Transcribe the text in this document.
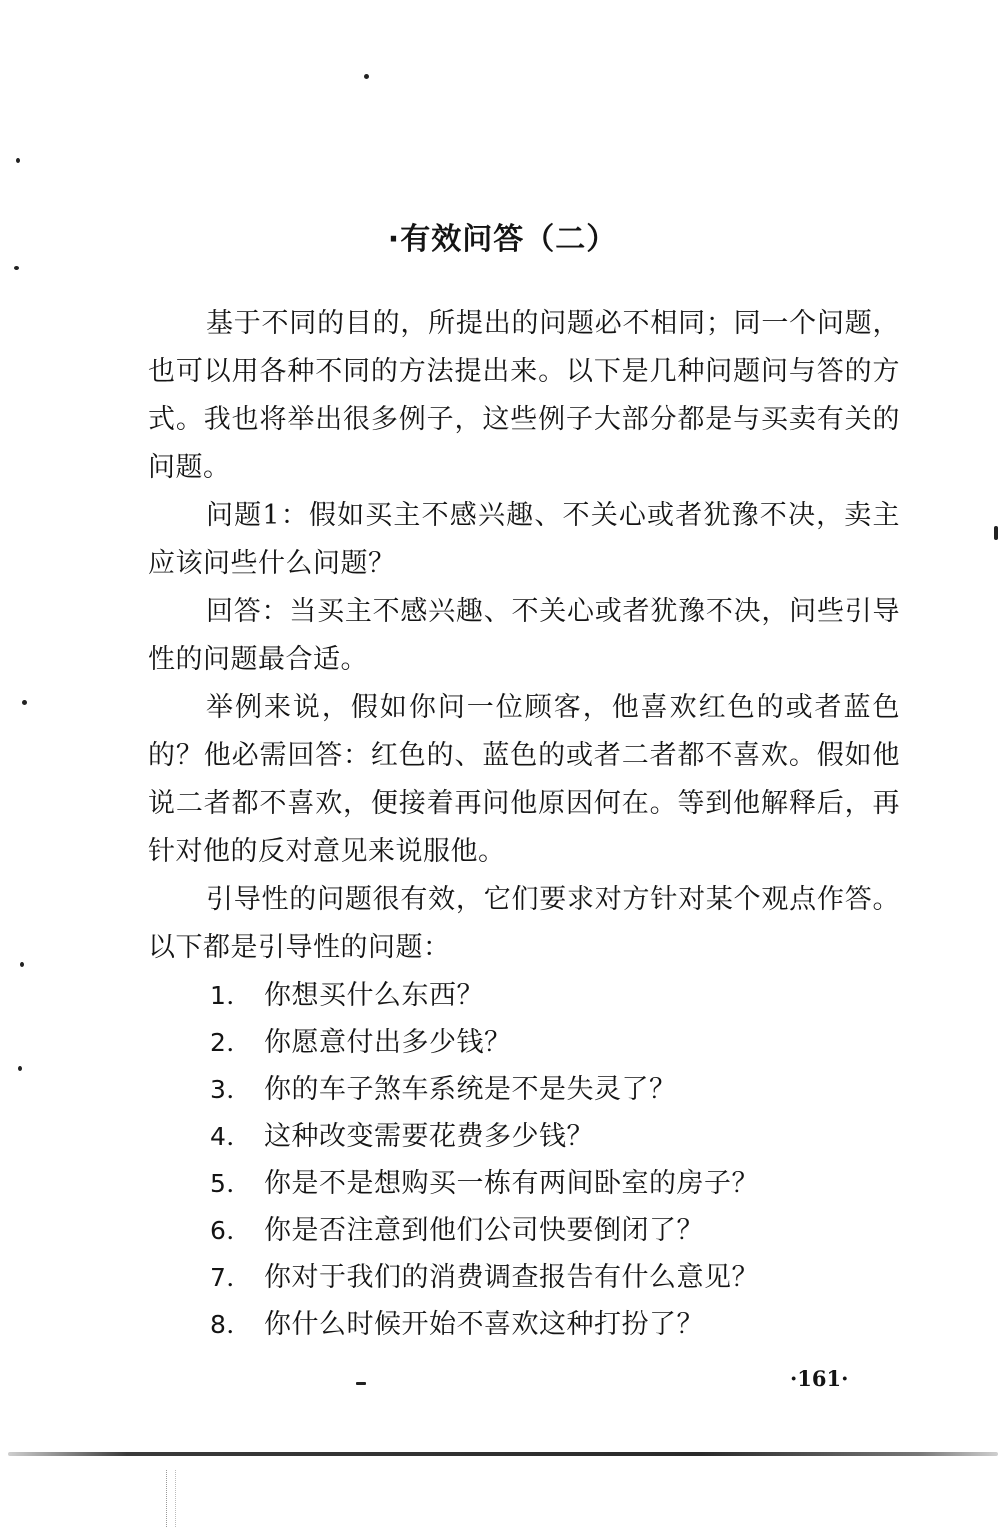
·有效问答（二）

基于不同的目的，所提出的问题必不相同；同一个问题，也可以用各种不同的方法提出来。以下是几种问题问与答的方式。我也将举出很多例子，这些例子大部分都是与买卖有关的问题。

问题1：假如买主不感兴趣、不关心或者犹豫不决，卖主应该问些什么问题？

回答：当买主不感兴趣、不关心或者犹豫不决，问些引导性的问题最合适。

举例来说，假如你问一位顾客，他喜欢红色的或者蓝色的？他必需回答：红色的、蓝色的或者二者都不喜欢。假如他说二者都不喜欢，便接着再问他原因何在。等到他解释后，再针对他的反对意见来说服他。

引导性的问题很有效，它们要求对方针对某个观点作答。以下都是引导性的问题：

1． 你想买什么东西？
2． 你愿意付出多少钱？
3． 你的车子煞车系统是不是失灵了？
4． 这种改变需要花费多少钱？
5． 你是不是想购买一栋有两间卧室的房子？
6． 你是否注意到他们公司快要倒闭了？
7． 你对于我们的消费调查报告有什么意见？
8． 你什么时候开始不喜欢这种打扮了？
·161·
